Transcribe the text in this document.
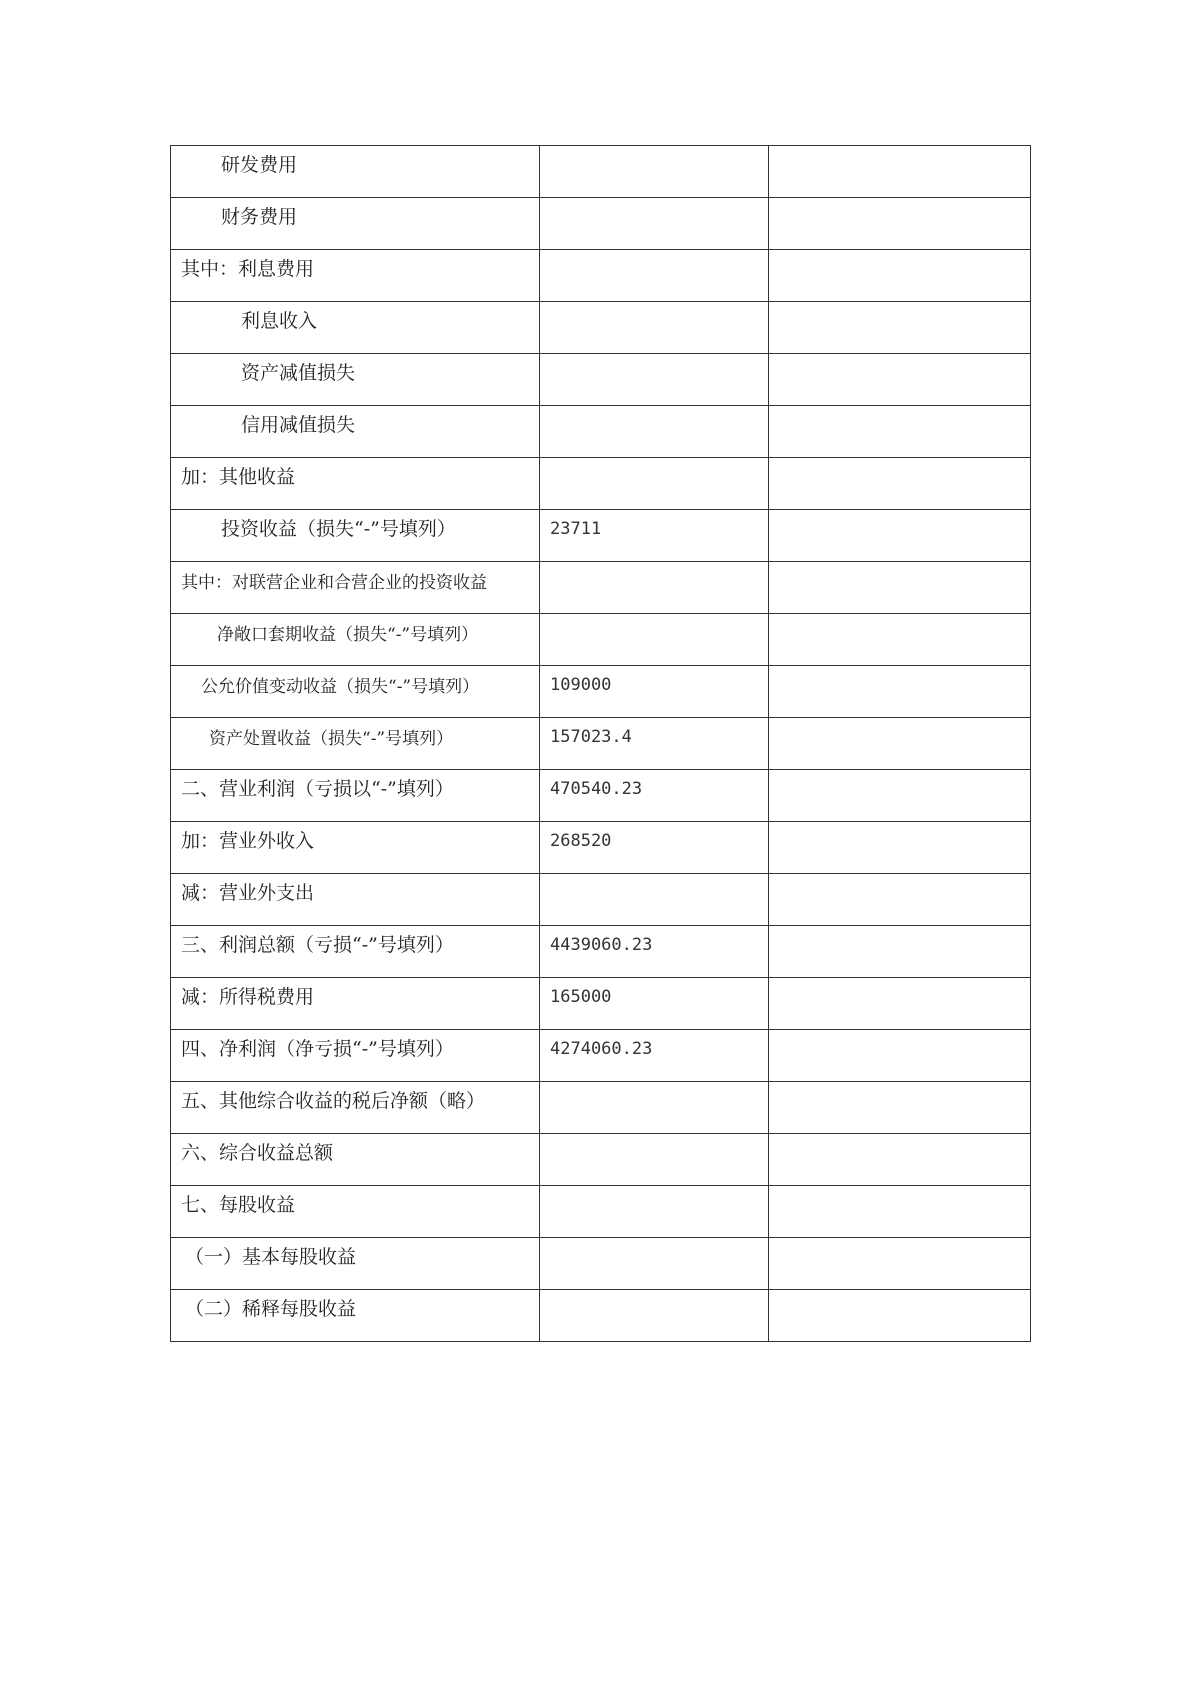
研发费用		

财务费用		

其中：利息费用		

利息收入		

资产减值损失		

信用减值损失		

加：其他收益		

投资收益（损失“-”号填列）	23711	

其中：对联营企业和合营企业的投资收益		

净敞口套期收益（损失“-”号填列）		

公允价值变动收益（损失“-”号填列）	109000	

资产处置收益（损失“-”号填列）	157023.4	

二、营业利润（亏损以“-”填列）	470540.23	

加：营业外收入	268520	

减：营业外支出		

三、利润总额（亏损“-”号填列）	4439060.23	

减：所得税费用	165000	

四、净利润（净亏损“-”号填列）	4274060.23	

五、其他综合收益的税后净额（略）		

六、综合收益总额		

七、每股收益		

（一）基本每股收益		

（二）稀释每股收益		
